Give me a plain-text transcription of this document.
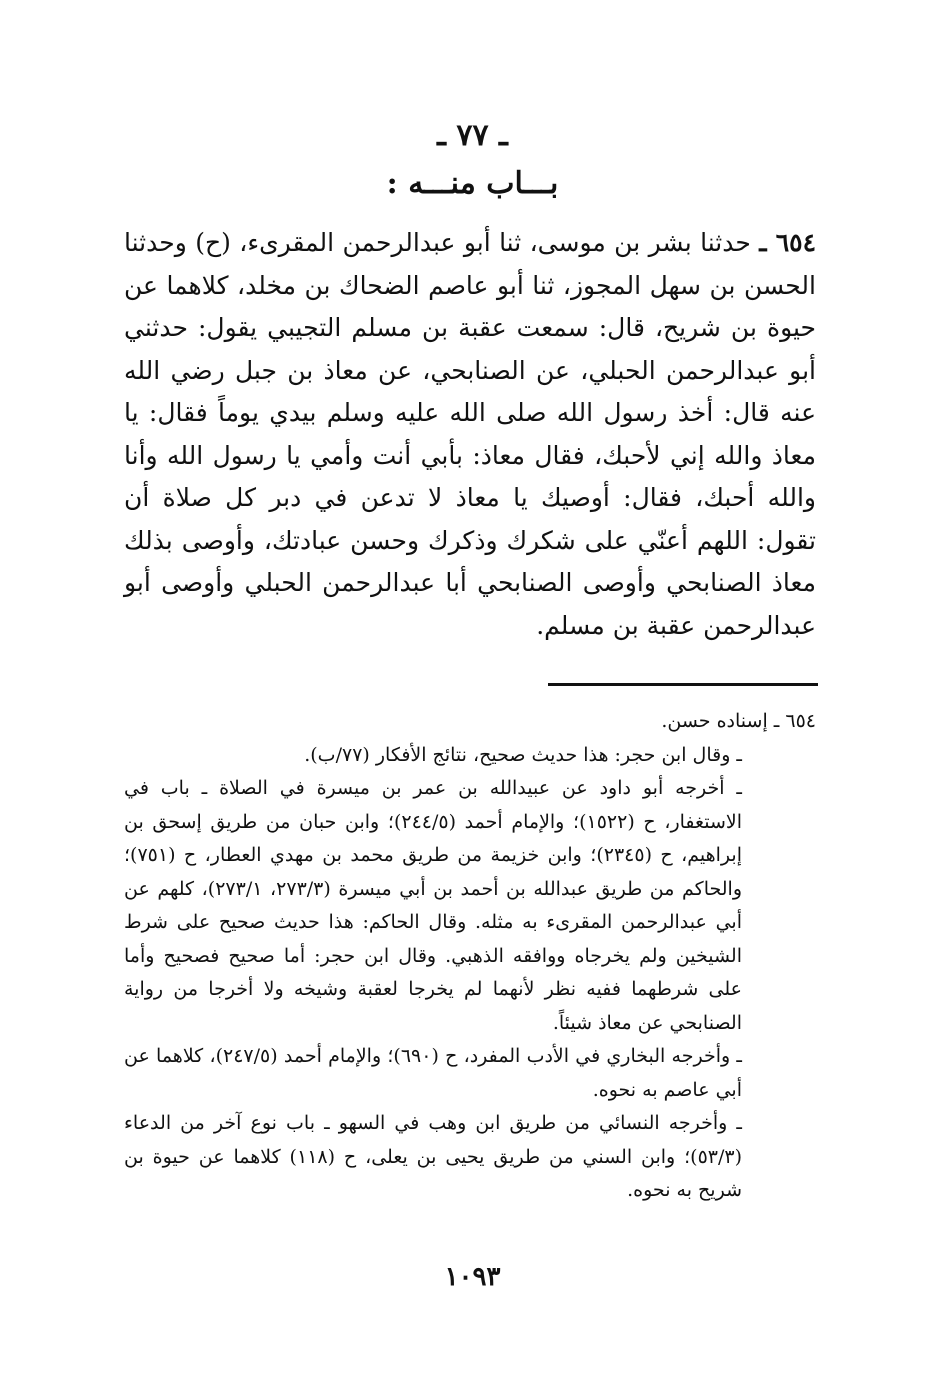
ـ ٧٧ ـ
بـــاب منـــه :

٦٥٤ ـ حدثنا بشر بن موسى، ثنا أبو عبدالرحمن المقرىء، (ح) وحدثنا الحسن بن سهل المجوز، ثنا أبو عاصم الضحاك بن مخلد، كلاهما عن حيوة بن شريح، قال: سمعت عقبة بن مسلم التجيبي يقول: حدثني أبو عبدالرحمن الحبلي، عن الصنابحي، عن معاذ بن جبل رضي الله عنه قال: أخذ رسول الله صلى الله عليه وسلم بيدي يوماً فقال: يا معاذ والله إني لأحبك، فقال معاذ: بأبي أنت وأمي يا رسول الله وأنا والله أحبك، فقال: أوصيك يا معاذ لا تدعن في دبر كل صلاة أن تقول: اللهم أعنّي على شكرك وذكرك وحسن عبادتك، وأوصى بذلك معاذ الصنابحي وأوصى الصنابحي أبا عبدالرحمن الحبلي وأوصى أبو عبدالرحمن عقبة بن مسلم.

٦٥٤ ـ إسناده حسن.

ـ وقال ابن حجر: هذا حديث صحيح، نتائج الأفكار (٧٧/ب).

ـ أخرجه أبو داود عن عبيدالله بن عمر بن ميسرة في الصلاة ـ باب في الاستغفار، ح (١٥٢٢)؛ والإمام أحمد (٢٤٤/٥)؛ وابن حبان من طريق إسحق بن إبراهيم، ح (٢٣٤٥)؛ وابن خزيمة من طريق محمد بن مهدي العطار، ح (٧٥١)؛ والحاكم من طريق عبدالله بن أحمد بن أبي ميسرة (٢٧٣/٣، ٢٧٣/١)، كلهم عن أبي عبدالرحمن المقرىء به مثله. وقال الحاكم: هذا حديث صحيح على شرط الشيخين ولم يخرجاه ووافقه الذهبي. وقال ابن حجر: أما صحيح فصحيح وأما على شرطهما ففيه نظر لأنهما لم يخرجا لعقبة وشيخه ولا أخرجا من رواية الصنابحي عن معاذ شيئاً.

ـ وأخرجه البخاري في الأدب المفرد، ح (٦٩٠)؛ والإمام أحمد (٢٤٧/٥)، كلاهما عن أبي عاصم به نحوه.

ـ وأخرجه النسائي من طريق ابن وهب في السهو ـ باب نوع آخر من الدعاء (٥٣/٣)؛ وابن السني من طريق يحيى بن يعلى، ح (١١٨) كلاهما عن حيوة بن شريح به نحوه.

١٠٩٣
